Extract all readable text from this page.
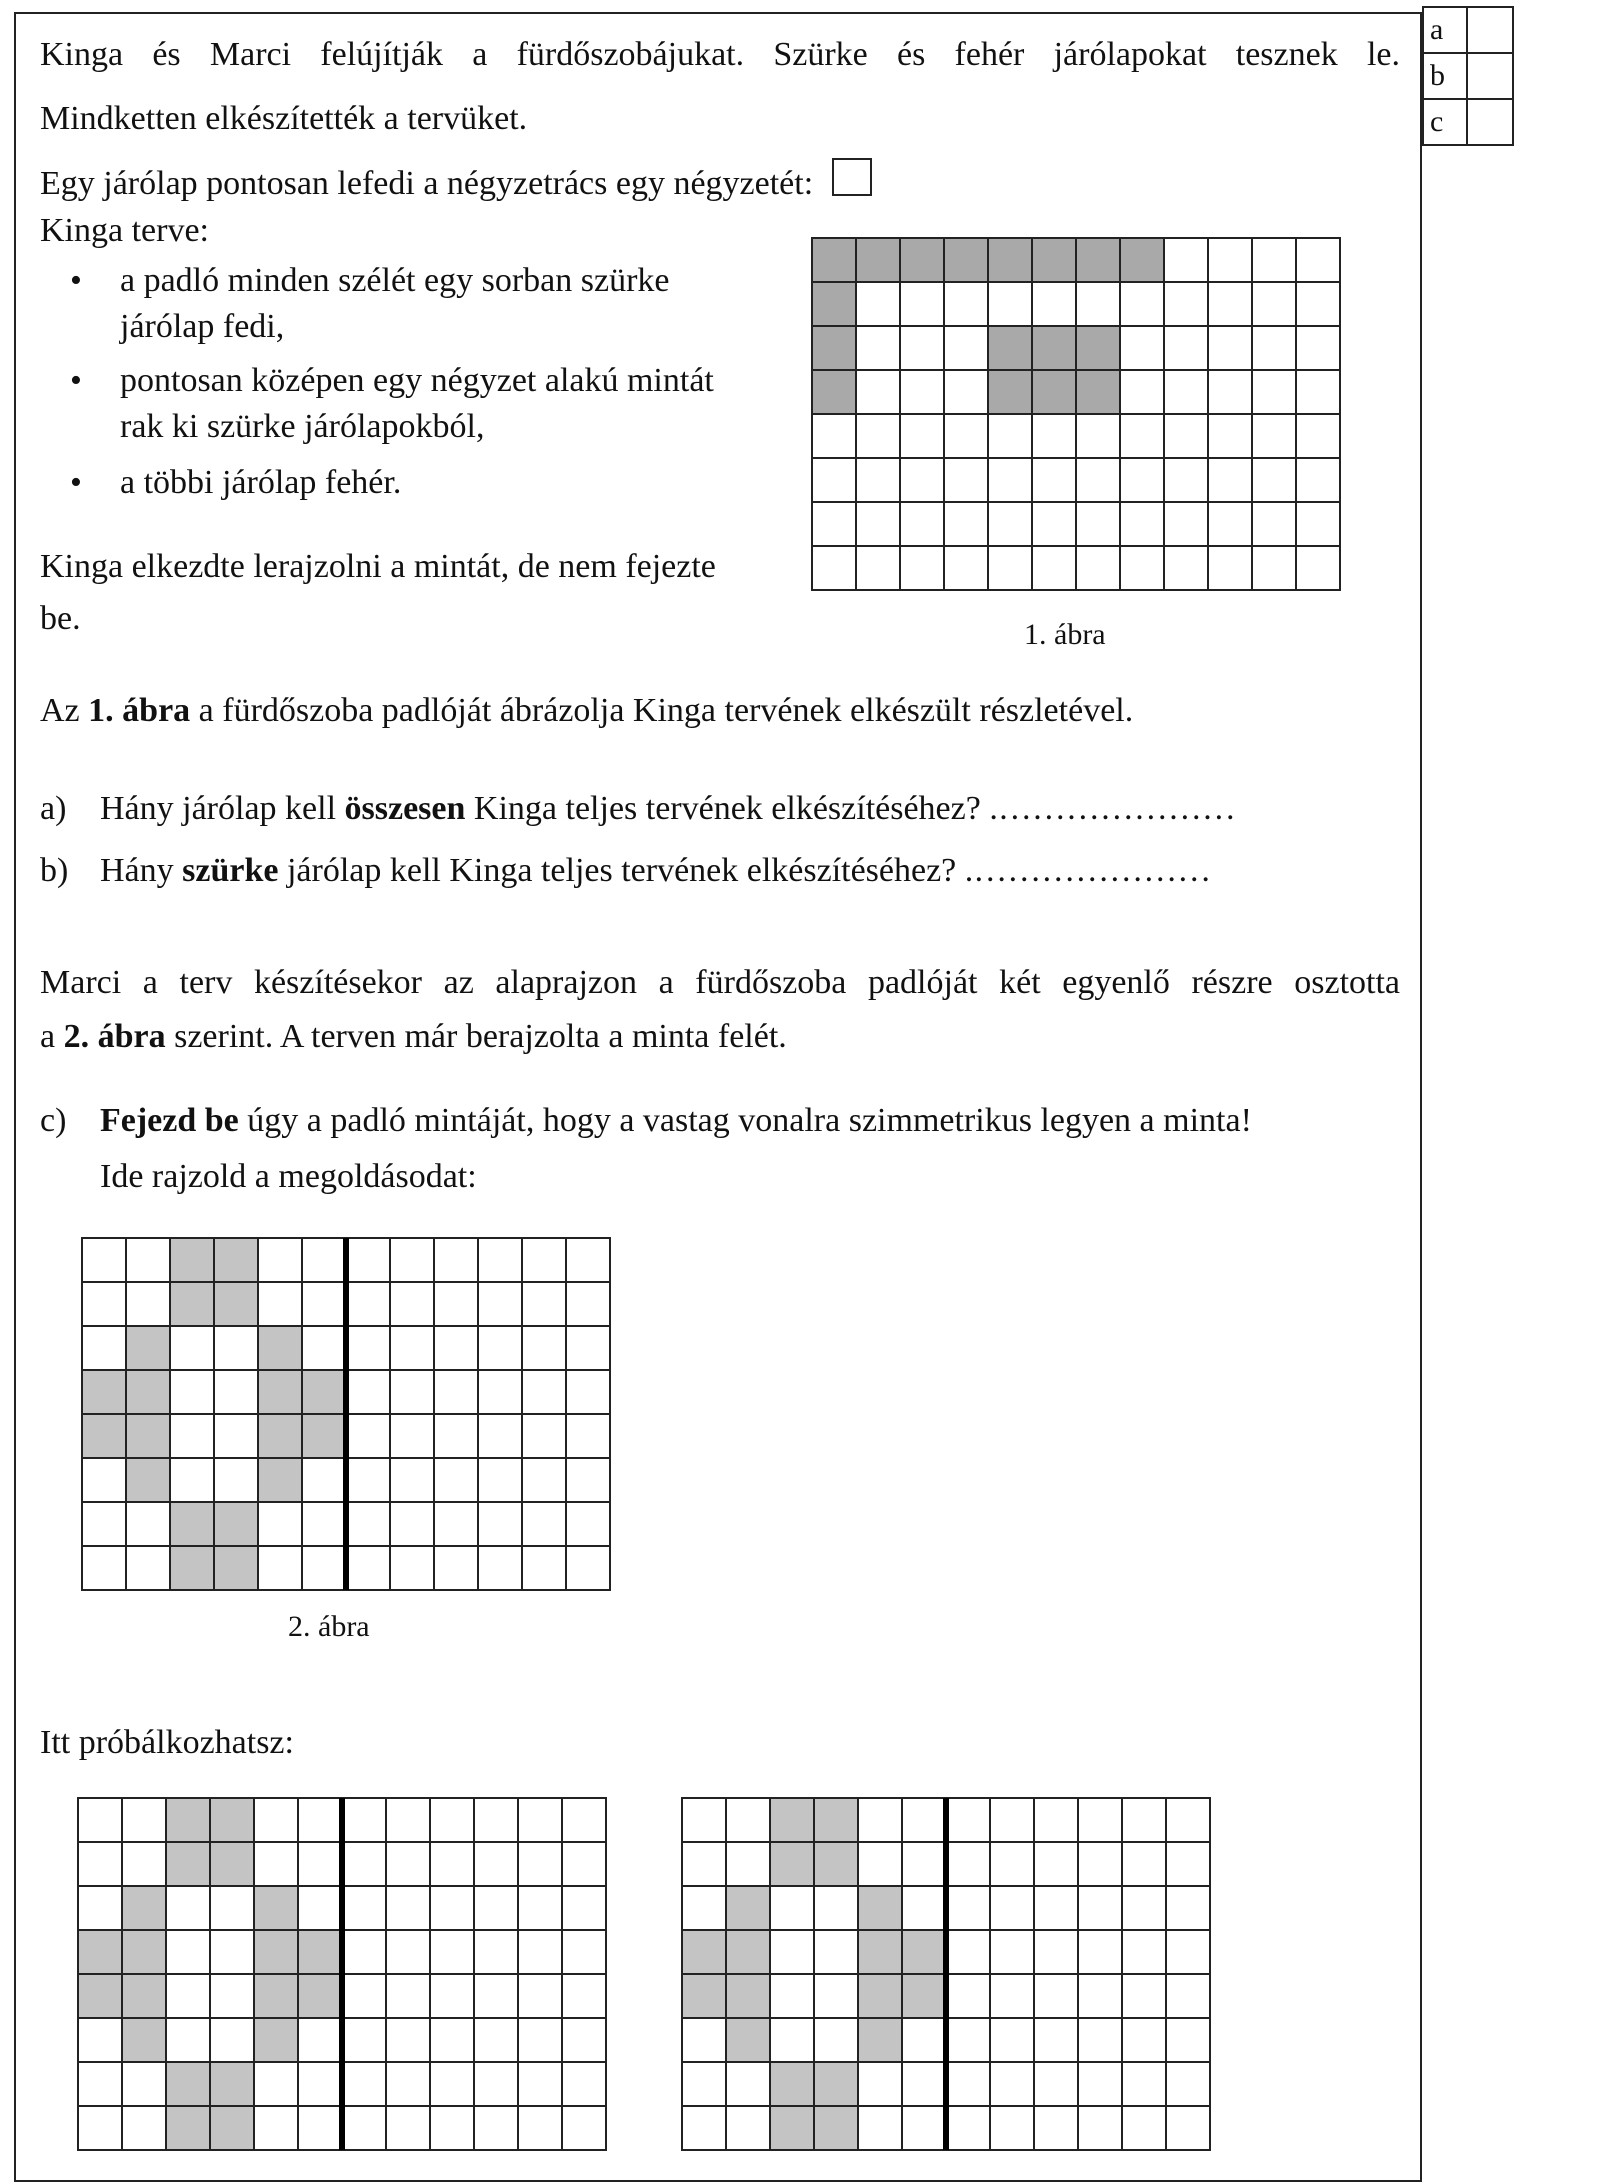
a	
b	
c	
Kinga és Marci felújítják a fürdőszobájukat. Szürke és fehér járólapokat tesznek le.
Mindketten elkészítették a tervüket.
Egy járólap pontosan lefedi a négyzetrács egy négyzetét:
Kinga terve:
• a padló minden szélét egy sorban szürke
járólap fedi,
• pontosan középen egy négyzet alakú mintát
rak ki szürke járólapokból,
• a többi járólap fehér.
Kinga elkezdte lerajzolni a mintát, de nem fejezte
be.	1. ábra
Az 1. ábra a fürdőszoba padlóját ábrázolja Kinga tervének elkészült részletével.
a) Hány járólap kell összesen Kinga teljes tervének elkészítéséhez? .…………………
b) Hány szürke járólap kell Kinga teljes tervének elkészítéséhez? .…………………
Marci a terv készítésekor az alaprajzon a fürdőszoba padlóját két egyenlő részre osztotta
a 2. ábra szerint. A terven már berajzolta a minta felét.
c) Fejezd be úgy a padló mintáját, hogy a vastag vonalra szimmetrikus legyen a minta!
Ide rajzold a megoldásodat:
2. ábra
Itt próbálkozhatsz:
